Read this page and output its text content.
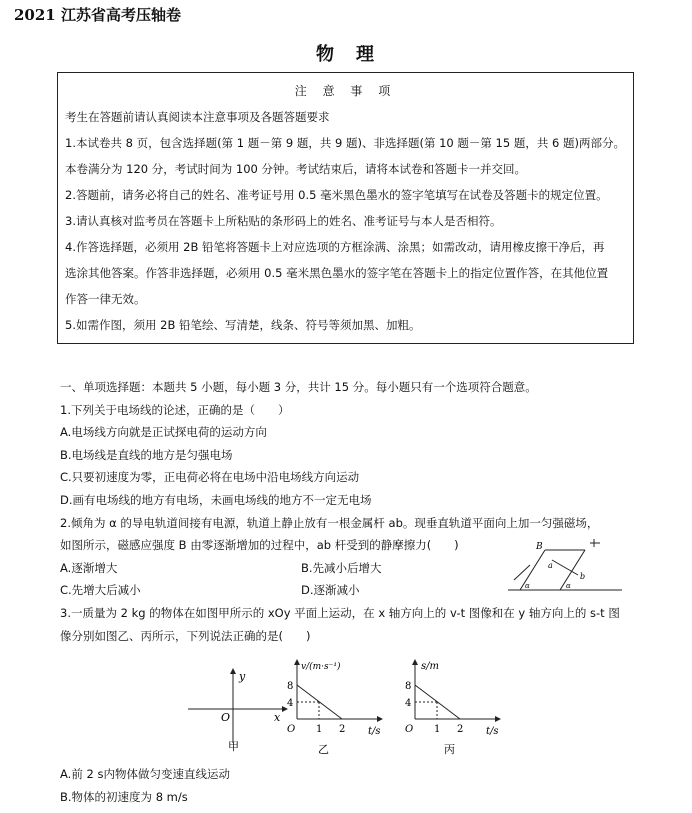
2021 江苏省高考压轴卷
物　理
注 意 事 项
考生在答题前请认真阅读本注意事项及各题答题要求
1.本试卷共 8 页，包含选择题(第 1 题－第 9 题，共 9 题)、非选择题(第 10 题－第 15 题，共 6 题)两部分。
本卷满分为 120 分，考试时间为 100 分钟。考试结束后，请将本试卷和答题卡一并交回。
2.答题前，请务必将自己的姓名、准考证号用 0.5 毫米黑色墨水的签字笔填写在试卷及答题卡的规定位置。
3.请认真核对监考员在答题卡上所粘贴的条形码上的姓名、准考证号与本人是否相符。
4.作答选择题，必须用 2B 铅笔将答题卡上对应选项的方框涂满、涂黑；如需改动，请用橡皮擦干净后，再
选涂其他答案。作答非选择题，必须用 0.5 毫米黑色墨水的签字笔在答题卡上的指定位置作答，在其他位置
作答一律无效。
5.如需作图，须用 2B 铅笔绘、写清楚，线条、符号等须加黑、加粗。
一、单项选择题：本题共 5 小题，每小题 3 分，共计 15 分。每小题只有一个选项符合题意。
1.下列关于电场线的论述，正确的是（　　）
A.电场线方向就是正试探电荷的运动方向
B.电场线是直线的地方是匀强电场
C.只要初速度为零，正电荷必将在电场中沿电场线方向运动
D.画有电场线的地方有电场，未画电场线的地方不一定无电场
2.倾角为 α 的导电轨道间接有电源，轨道上静止放有一根金属杆 ab。现垂直轨道平面向上加一匀强磁场，
如图所示，磁感应强度 B 由零逐渐增加的过程中，ab 杆受到的静摩擦力(　　)
A.逐渐增大	B.先减小后增大
C.先增大后减小	D.逐渐减小
3.一质量为 2 kg 的物体在如图甲所示的 xOy 平面上运动，在 x 轴方向上的 v-t 图像和在 y 轴方向上的 s-t 图
像分别如图乙、丙所示，下列说法正确的是(　　)
B
a
b
α	α
y
x
O
甲
v/(m·s⁻¹)
8
4
O 1 2 t/s
乙
s/m
8
4
O 1 2 t/s
丙
A.前 2 s内物体做匀变速直线运动
B.物体的初速度为 8 m/s
